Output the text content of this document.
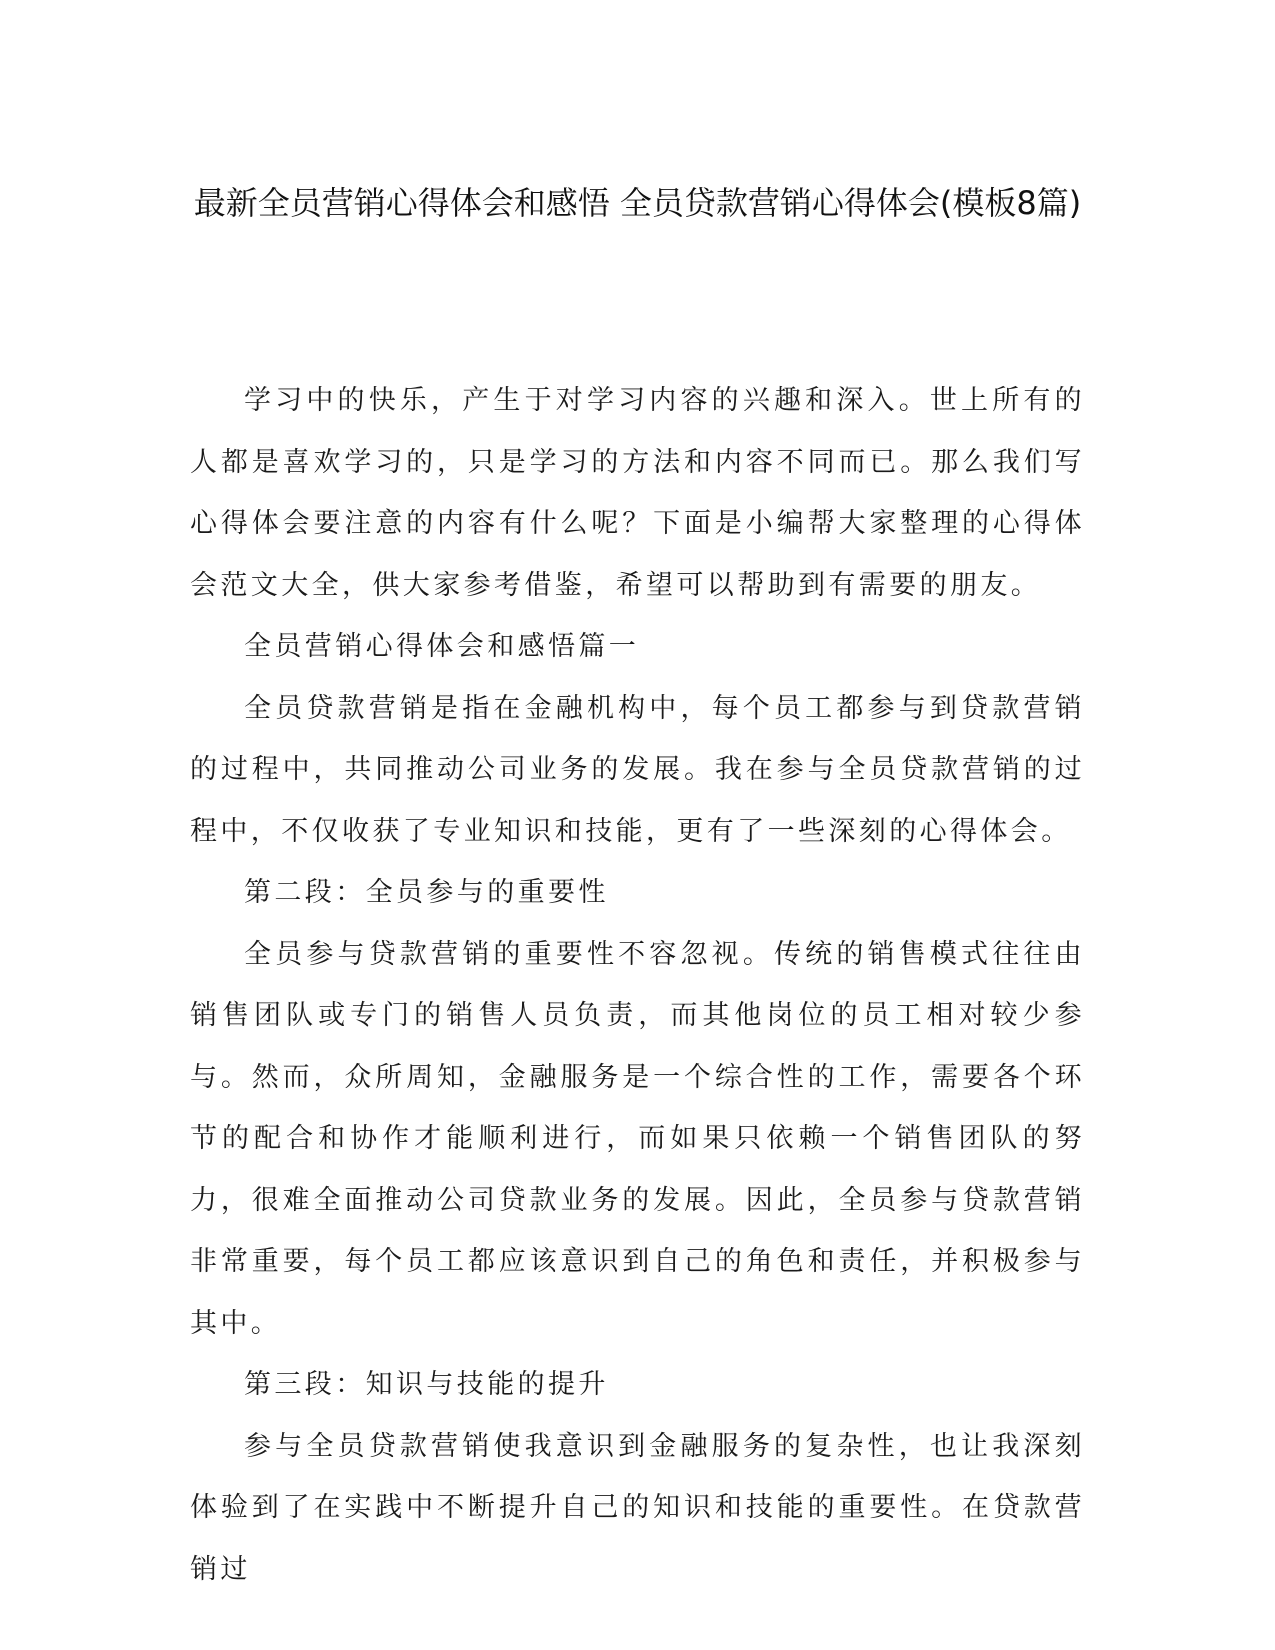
最新全员营销心得体会和感悟 全员贷款营销心得体会(模板8篇)

学习中的快乐，产生于对学习内容的兴趣和深入。世上所有的人都是喜欢学习的，只是学习的方法和内容不同而已。那么我们写心得体会要注意的内容有什么呢？下面是小编帮大家整理的心得体会范文大全，供大家参考借鉴，希望可以帮助到有需要的朋友。

全员营销心得体会和感悟篇一

全员贷款营销是指在金融机构中，每个员工都参与到贷款营销的过程中，共同推动公司业务的发展。我在参与全员贷款营销的过程中，不仅收获了专业知识和技能，更有了一些深刻的心得体会。

第二段：全员参与的重要性

全员参与贷款营销的重要性不容忽视。传统的销售模式往往由销售团队或专门的销售人员负责，而其他岗位的员工相对较少参与。然而，众所周知，金融服务是一个综合性的工作，需要各个环节的配合和协作才能顺利进行，而如果只依赖一个销售团队的努力，很难全面推动公司贷款业务的发展。因此，全员参与贷款营销非常重要，每个员工都应该意识到自己的角色和责任，并积极参与其中。

第三段：知识与技能的提升

参与全员贷款营销使我意识到金融服务的复杂性，也让我深刻体验到了在实践中不断提升自己的知识和技能的重要性。在贷款营销过
